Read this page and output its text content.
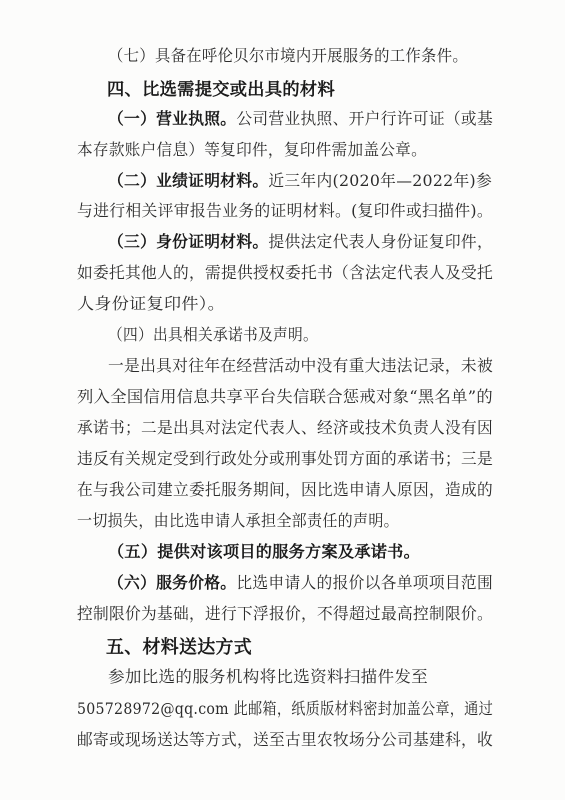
（七）具备在呼伦贝尔市境内开展服务的工作条件。
四、比选需提交或出具的材料
（一）营业执照。公司营业执照、开户行许可证（或基
本存款账户信息）等复印件，复印件需加盖公章。
（二）业绩证明材料。近三年内(2020年—2022年)参
与进行相关评审报告业务的证明材料。(复印件或扫描件)。
（三）身份证明材料。提供法定代表人身份证复印件，
如委托其他人的，需提供授权委托书（含法定代表人及受托
人身份证复印件）。
（四）出具相关承诺书及声明。
一是出具对往年在经营活动中没有重大违法记录，未被
列入全国信用信息共享平台失信联合惩戒对象“黑名单”的
承诺书；二是出具对法定代表人、经济或技术负责人没有因
违反有关规定受到行政处分或刑事处罚方面的承诺书；三是
在与我公司建立委托服务期间，因比选申请人原因，造成的
一切损失，由比选申请人承担全部责任的声明。
（五）提供对该项目的服务方案及承诺书。
（六）服务价格。比选申请人的报价以各单项项目范围
控制限价为基础，进行下浮报价，不得超过最高控制限价。
五、材料送达方式
参加比选的服务机构将比选资料扫描件发至
505728972@qq.com 此邮箱，纸质版材料密封加盖公章，通过
邮寄或现场送达等方式，送至古里农牧场分公司基建科，收
